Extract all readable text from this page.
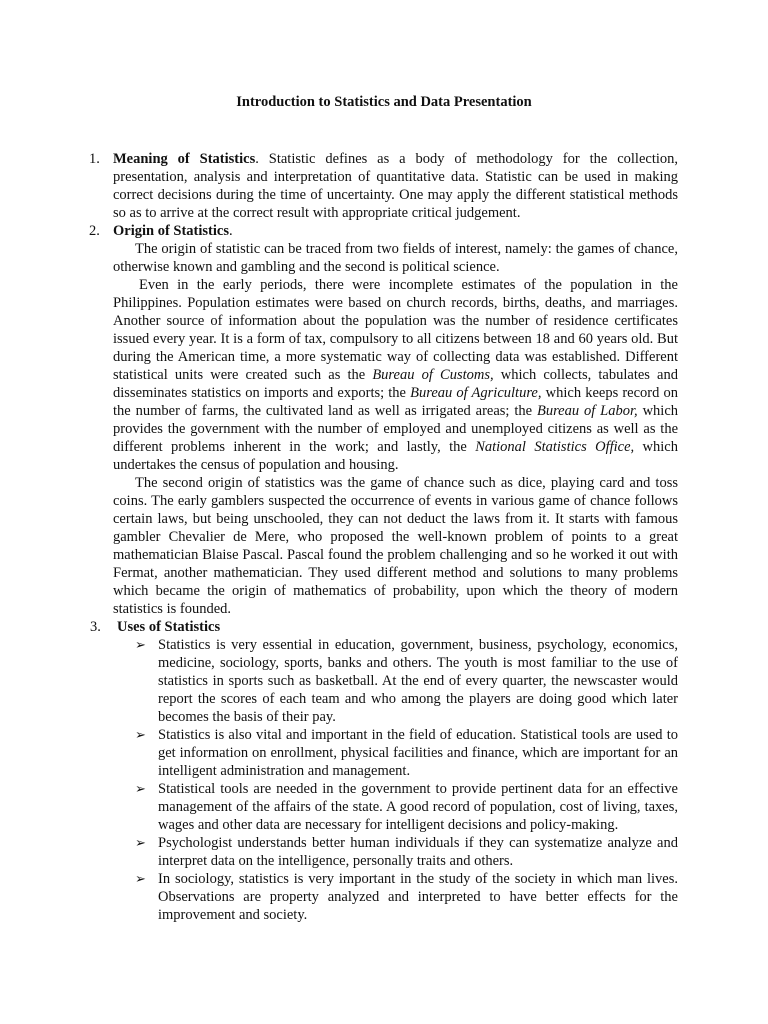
Introduction to Statistics and Data Presentation
1. Meaning of Statistics. Statistic defines as a body of methodology for the collection, presentation, analysis and interpretation of quantitative data. Statistic can be used in making correct decisions during the time of uncertainty. One may apply the different statistical methods so as to arrive at the correct result with appropriate critical judgement.

2. Origin of Statistics.

The origin of statistic can be traced from two fields of interest, namely: the games of chance, otherwise known and gambling and the second is political science.

Even in the early periods, there were incomplete estimates of the population in the Philippines. Population estimates were based on church records, births, deaths, and marriages. Another source of information about the population was the number of residence certificates issued every year. It is a form of tax, compulsory to all citizens between 18 and 60 years old. But during the American time, a more systematic way of collecting data was established. Different statistical units were created such as the Bureau of Customs, which collects, tabulates and disseminates statistics on imports and exports; the Bureau of Agriculture, which keeps record on the number of farms, the cultivated land as well as irrigated areas; the Bureau of Labor, which provides the government with the number of employed and unemployed citizens as well as the different problems inherent in the work; and lastly, the National Statistics Office, which undertakes the census of population and housing.

The second origin of statistics was the game of chance such as dice, playing card and toss coins. The early gamblers suspected the occurrence of events in various game of chance follows certain laws, but being unschooled, they can not deduct the laws from it. It starts with famous gambler Chevalier de Mere, who proposed the well-known problem of points to a great mathematician Blaise Pascal. Pascal found the problem challenging and so he worked it out with Fermat, another mathematician. They used different method and solutions to many problems which became the origin of mathematics of probability, upon which the theory of modern statistics is founded.

3. Uses of Statistics

➢ Statistics is very essential in education, government, business, psychology, economics, medicine, sociology, sports, banks and others. The youth is most familiar to the use of statistics in sports such as basketball. At the end of every quarter, the newscaster would report the scores of each team and who among the players are doing good which later becomes the basis of their pay.
➢ Statistics is also vital and important in the field of education. Statistical tools are used to get information on enrollment, physical facilities and finance, which are important for an intelligent administration and management.
➢ Statistical tools are needed in the government to provide pertinent data for an effective management of the affairs of the state. A good record of population, cost of living, taxes, wages and other data are necessary for intelligent decisions and policy-making.
➢ Psychologist understands better human individuals if they can systematize analyze and interpret data on the intelligence, personally traits and others.
➢ In sociology, statistics is very important in the study of the society in which man lives. Observations are property analyzed and interpreted to have better effects for the improvement and society.
